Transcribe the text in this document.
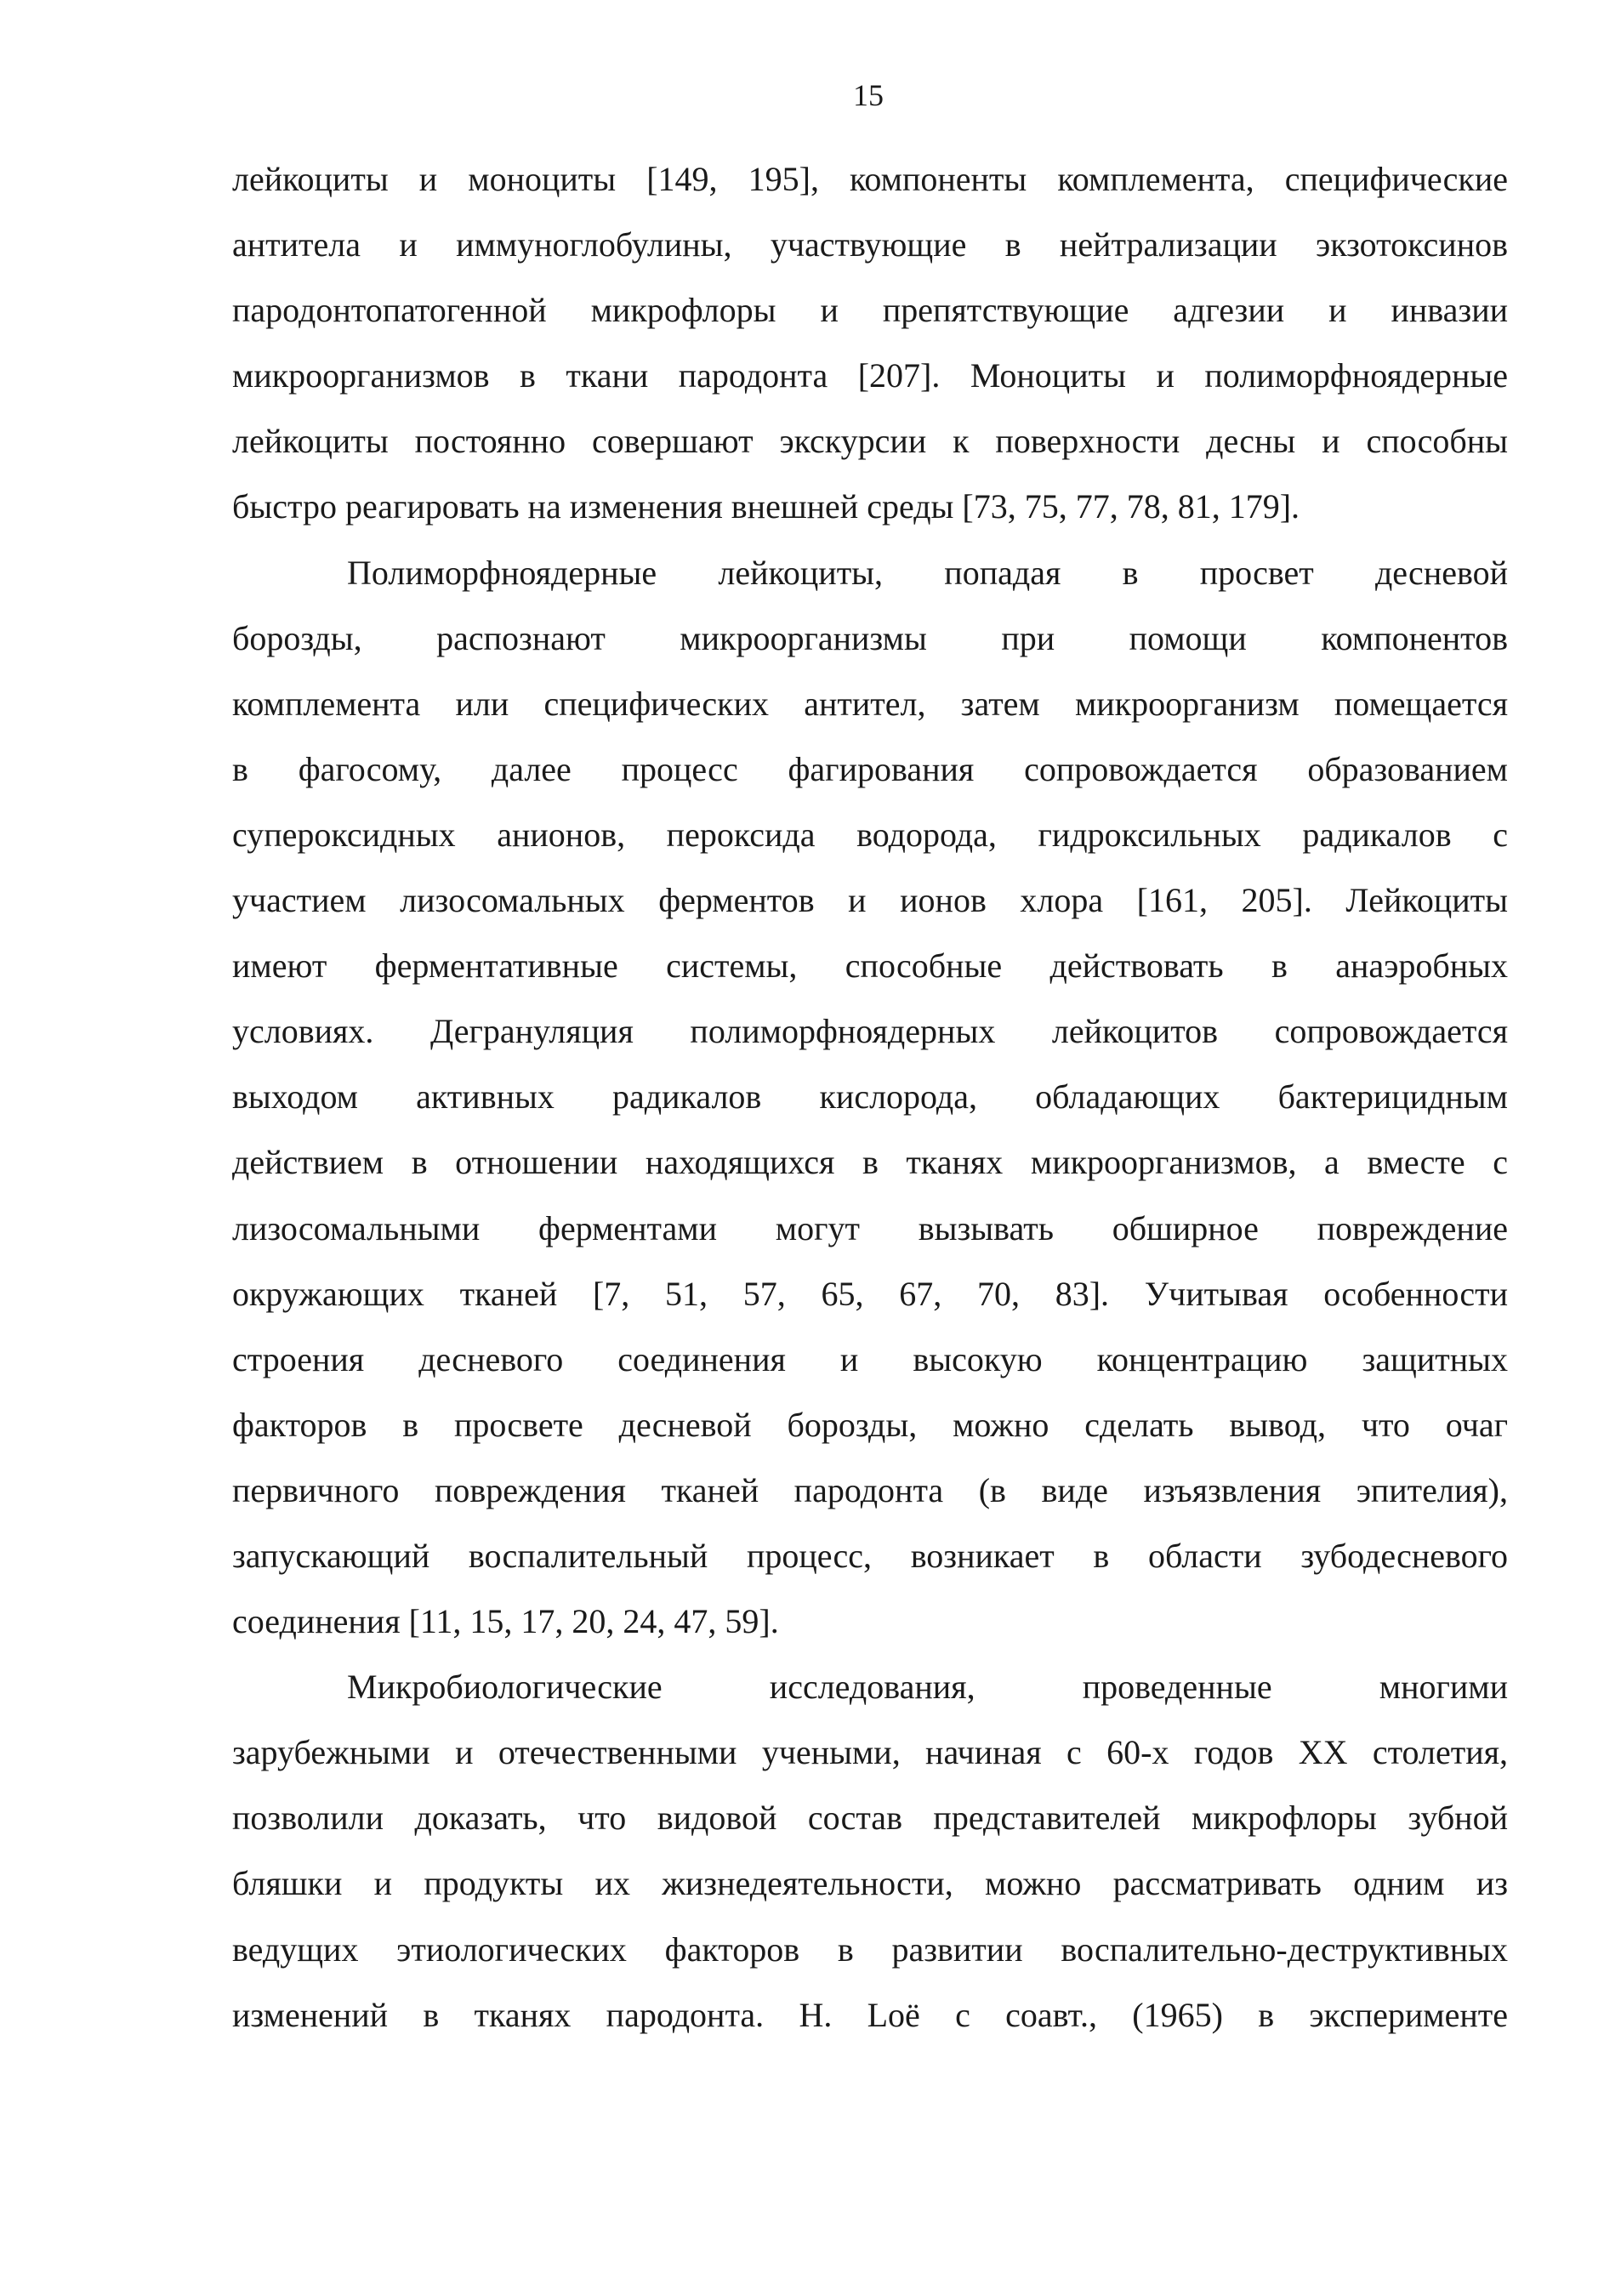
15
лейкоциты и моноциты [149, 195], компоненты комплемента, специфические
антитела и иммуноглобулины, участвующие в нейтрализации экзотоксинов
пародонтопатогенной микрофлоры и препятствующие адгезии и инвазии
микроорганизмов в ткани пародонта [207]. Моноциты и полиморфноядерные
лейкоциты постоянно совершают экскурсии к поверхности десны и способны
быстро реагировать на изменения внешней среды [73, 75, 77, 78, 81, 179].
Полиморфноядерные лейкоциты, попадая в просвет десневой
борозды, распознают микроорганизмы при помощи компонентов
комплемента или специфических антител, затем микроорганизм помещается
в фагосому, далее процесс фагирования сопровождается образованием
супероксидных анионов, пероксида водорода, гидроксильных радикалов с
участием лизосомальных ферментов и ионов хлора [161, 205]. Лейкоциты
имеют ферментативные системы, способные действовать в анаэробных
условиях. Дегрануляция полиморфноядерных лейкоцитов сопровождается
выходом активных радикалов кислорода, обладающих бактерицидным
действием в отношении находящихся в тканях микроорганизмов, а вместе с
лизосомальными ферментами могут вызывать обширное повреждение
окружающих тканей [7, 51, 57, 65, 67, 70, 83]. Учитывая особенности
строения десневого соединения и высокую концентрацию защитных
факторов в просвете десневой борозды, можно сделать вывод, что очаг
первичного повреждения тканей пародонта (в виде изъязвления эпителия),
запускающий воспалительный процесс, возникает в области зубодесневого
соединения [11, 15, 17, 20, 24, 47, 59].
Микробиологические исследования, проведенные многими
зарубежными и отечественными учеными, начиная с 60-х годов XX столетия,
позволили доказать, что видовой состав представителей микрофлоры зубной
бляшки и продукты их жизнедеятельности, можно рассматривать одним из
ведущих этиологических факторов в развитии воспалительно-деструктивных
изменений в тканях пародонта. H. Loё с соавт., (1965) в эксперименте
